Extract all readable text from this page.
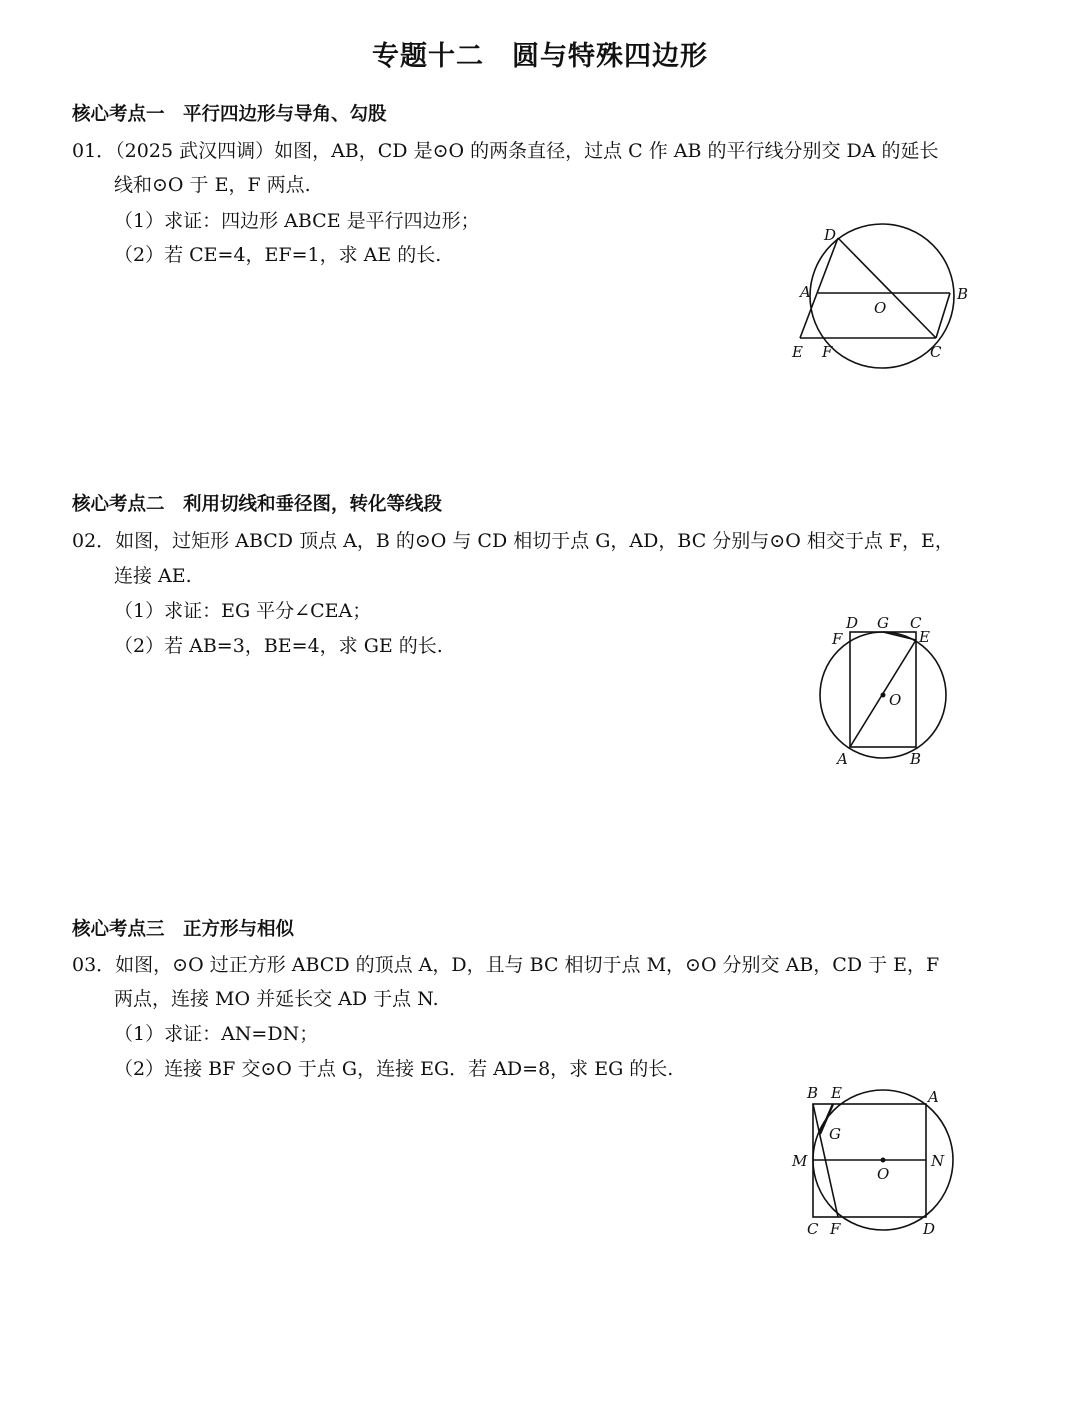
专题十二　圆与特殊四边形
核心考点一　平行四边形与导角、勾股
01．（2025 武汉四调）如图，AB，CD 是⊙O 的两条直径，过点 C 作 AB 的平行线分别交 DA 的延长
线和⊙O 于 E，F 两点.
（1）求证：四边形 ABCE 是平行四边形；
（2）若 CE=4，EF=1，求 AE 的长.
D
A
O
B
E F	C
核心考点二　利用切线和垂径图，转化等线段
02．如图，过矩形 ABCD 顶点 A，B 的⊙O 与 CD 相切于点 G，AD，BC 分别与⊙O 相交于点 F，E，
连接 AE.
（1）求证：EG 平分∠CEA；
（2）若 AB=3，BE=4，求 GE 的长.
D G C
F	E
O
A	B
核心考点三　正方形与相似
03．如图，⊙O 过正方形 ABCD 的顶点 A，D，且与 BC 相切于点 M，⊙O 分别交 AB，CD 于 E，F
两点，连接 MO 并延长交 AD 于点 N.
（1）求证：AN=DN；
（2）连接 BF 交⊙O 于点 G，连接 EG．若 AD=8，求 EG 的长.
B E	A
G
M
O
N
C F	D
